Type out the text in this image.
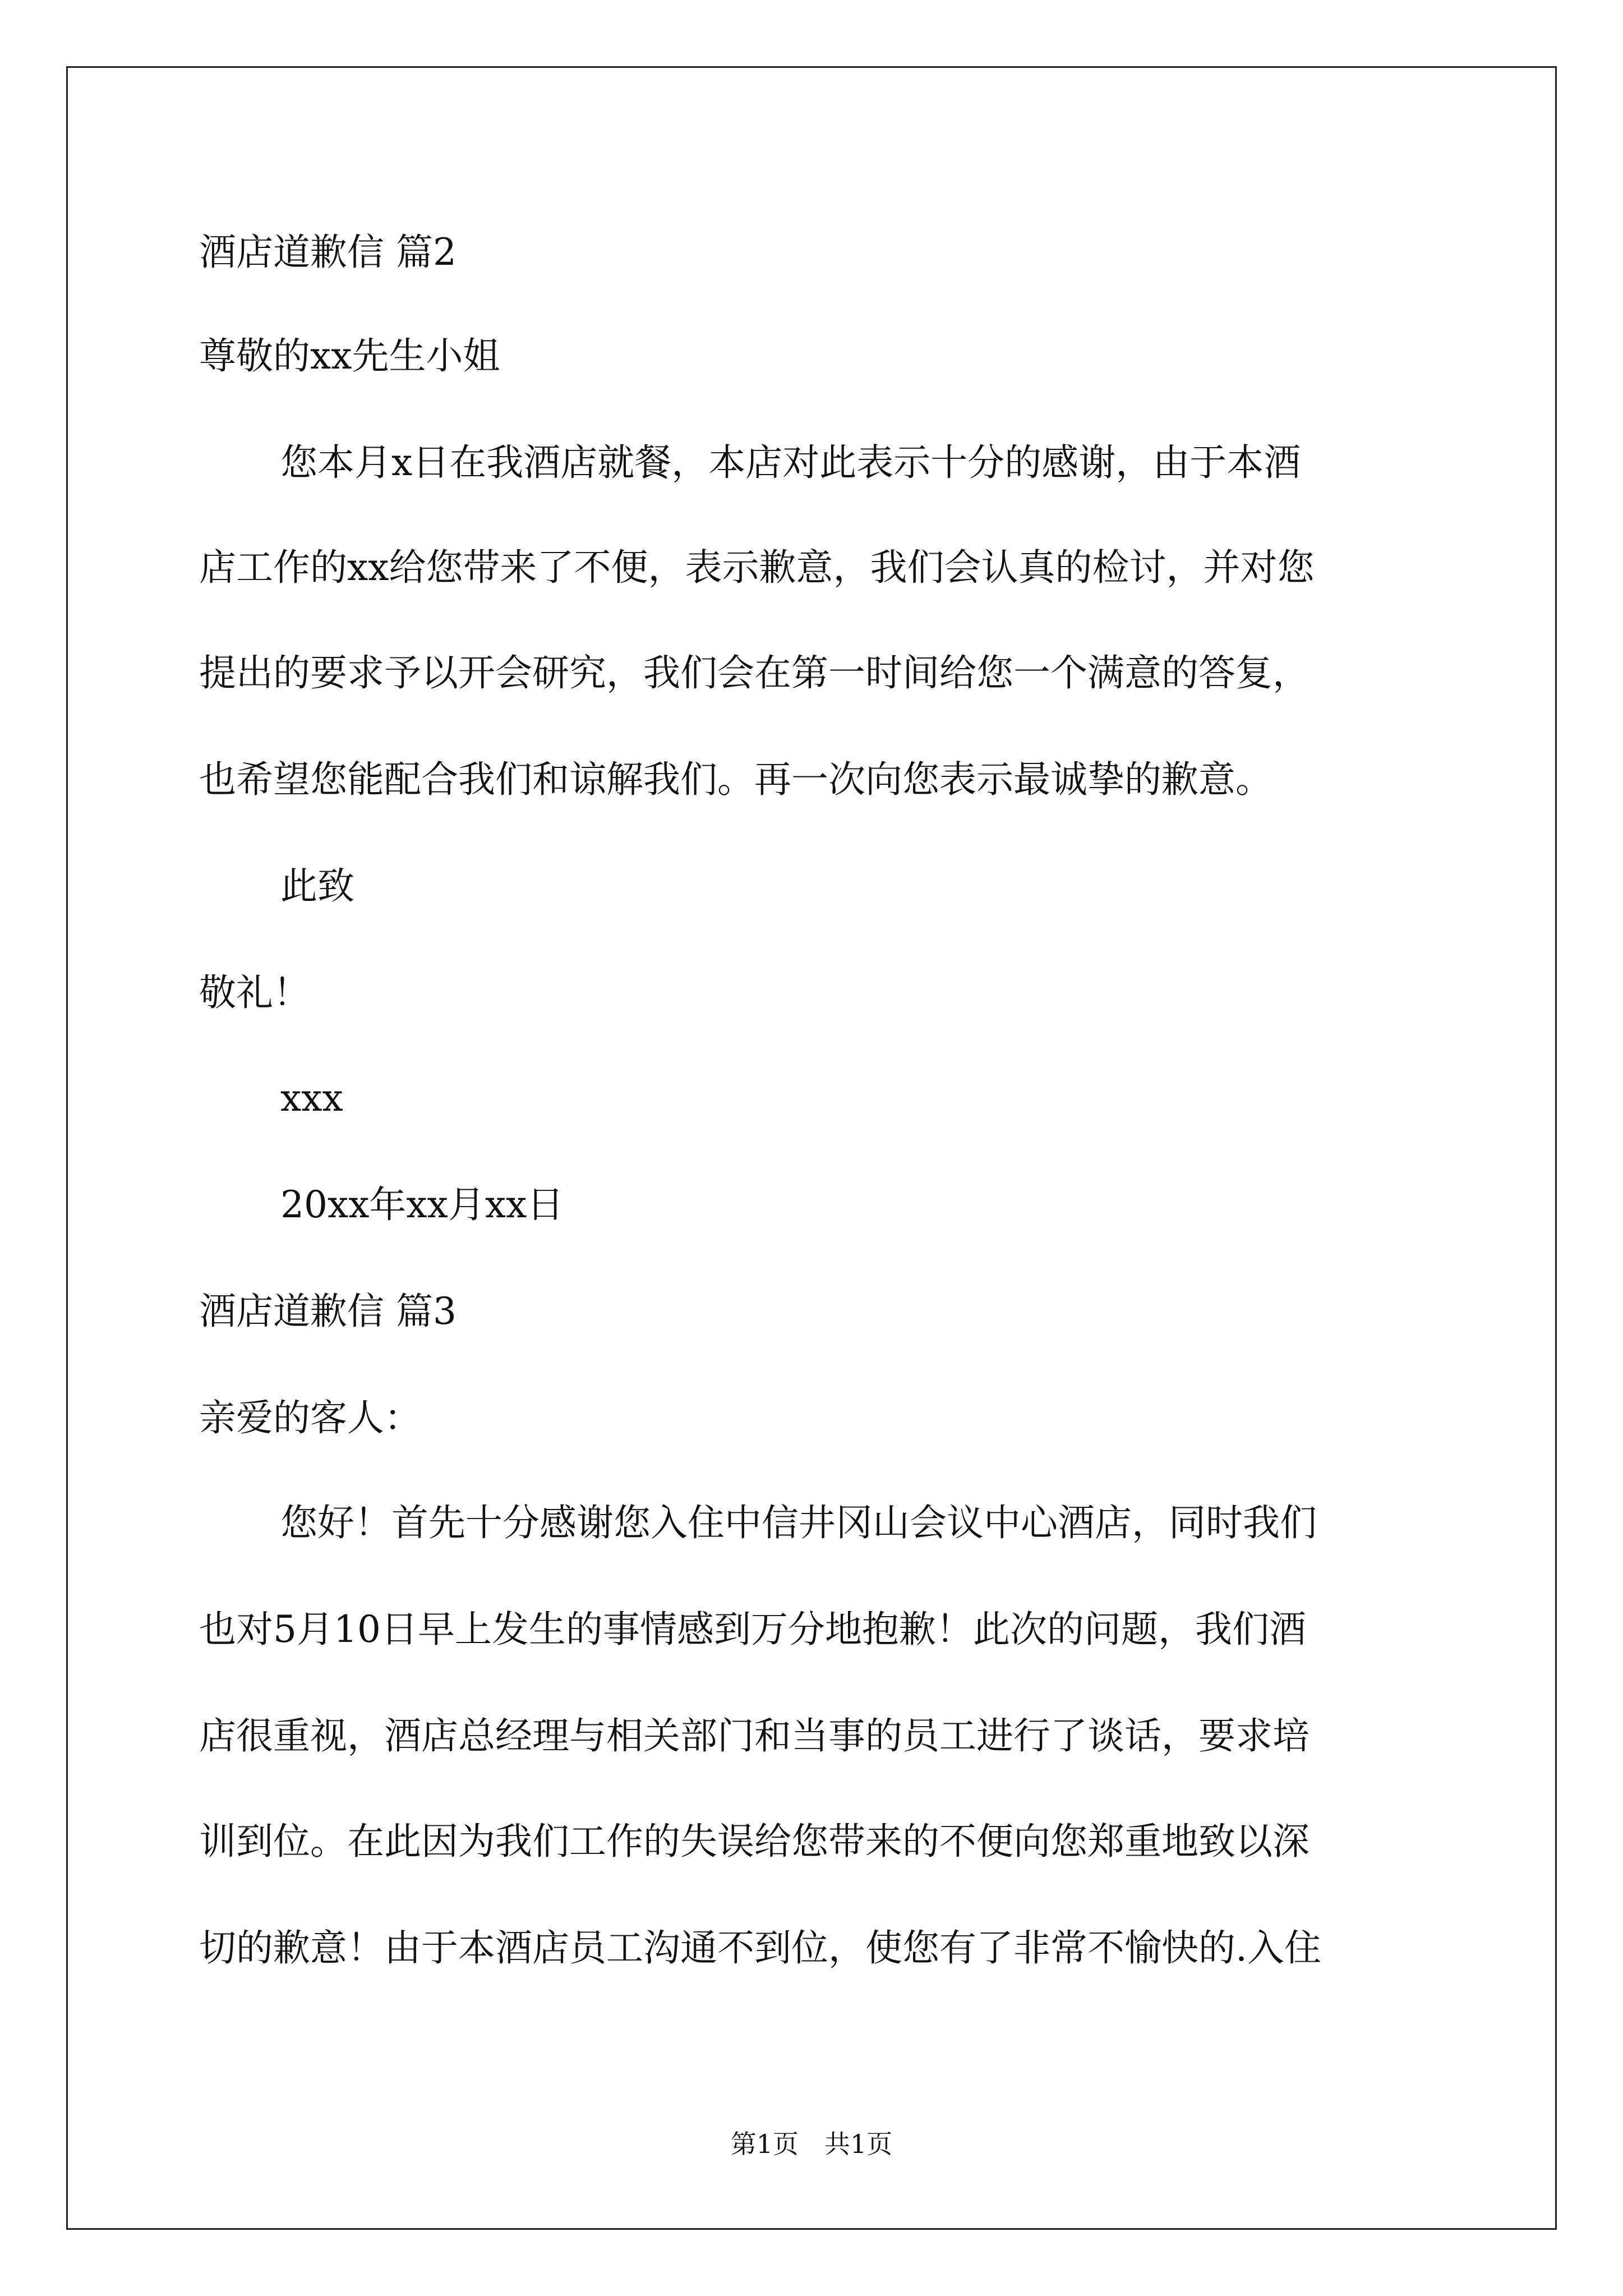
酒店道歉信 篇2

尊敬的xx先生小姐

您本月x日在我酒店就餐，本店对此表示十分的感谢，由于本酒

店工作的xx给您带来了不便，表示歉意，我们会认真的检讨，并对您

提出的要求予以开会研究，我们会在第一时间给您一个满意的答复，

也希望您能配合我们和谅解我们。再一次向您表示最诚挚的歉意。

此致

敬礼！

xxx

20xx年xx月xx日

酒店道歉信 篇3

亲爱的客人：

您好！首先十分感谢您入住中信井冈山会议中心酒店，同时我们

也对5月10日早上发生的事情感到万分地抱歉！此次的问题，我们酒

店很重视，酒店总经理与相关部门和当事的员工进行了谈话，要求培

训到位。在此因为我们工作的失误给您带来的不便向您郑重地致以深

切的歉意！由于本酒店员工沟通不到位，使您有了非常不愉快的.入住

第1页　共1页
